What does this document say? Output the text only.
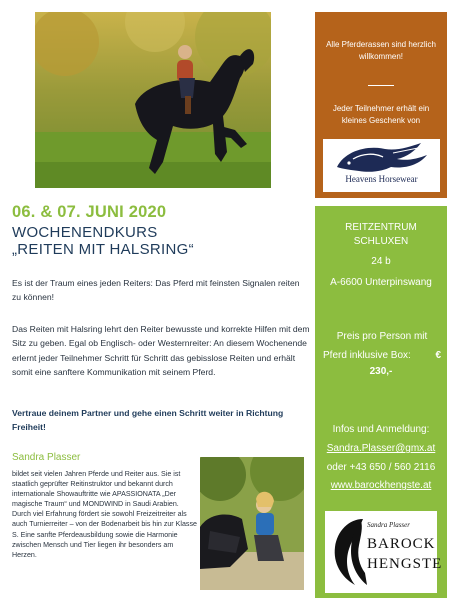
06. & 07. JUNI 2020
WOCHENENDKURS
„REITEN MIT HALSRING“

Es ist der Traum eines jeden Reiters: Das Pferd mit feinsten Signalen reiten zu können!

Das Reiten mit Halsring lehrt den Reiter bewusste und korrekte Hilfen mit dem Sitz zu geben. Egal ob Englisch- oder Westernreiter: An diesem Wochenende erlernt jeder Teilnehmer Schritt für Schritt das gebisslose Reiten und erhält somit eine sanftere Kommunikation mit seinem Pferd.

Vertraue deinem Partner und gehe einen Schritt weiter in Richtung Freiheit!

Sandra Plasser

bildet seit vielen Jahren Pferde und Reiter aus. Sie ist staatlich geprüfter Reitinstruktor und bekannt durch internationale Showauftritte wie APASSIONATA „Der magische Traum“ und MONDWIND in Saudi Arabien. Durch viel Erfahrung fördert sie sowohl Freizeitreiter als auch Turnierreiter – von der Bodenarbeit bis hin zur Klasse S. Eine sanfte Pferdeausbildung sowie die Harmonie zwischen Mensch und Tier liegen ihr besonders am Herzen.

Alle Pferderassen sind herzlich willkommen!

Jeder Teilnehmer erhält ein kleines Geschenk von

Heavens Horsewear
REITZENTRUM
SCHLUXEN
24 b
A-6600 Unterpinswang
Preis pro Person mit
Pferd inklusive Box:	€
230,-
Infos und Anmeldung:
Sandra.Plasser@gmx.at
oder +43 650 / 560 2116
www.barockhengste.at
Sandra Plasser
BAROCK
HENGSTE
